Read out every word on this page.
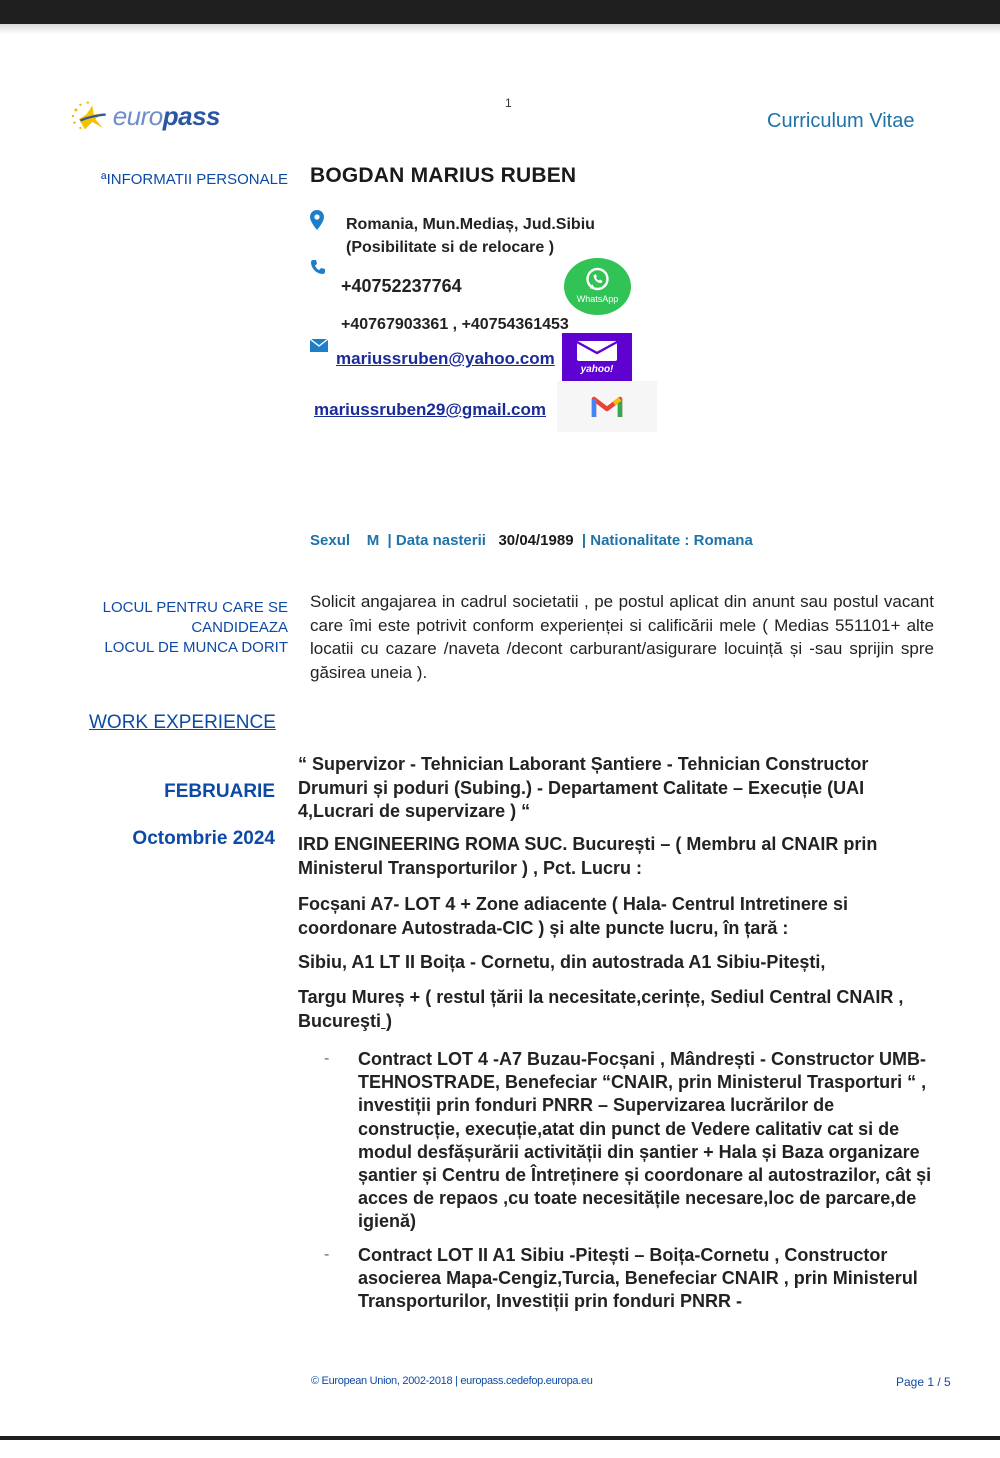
europass	1
Curriculum Vitae
ªINFORMATII PERSONALE BOGDAN MARIUS RUBEN
Romania, Mun.Mediaș, Jud.Sibiu
(Posibilitate si de relocare )
+40752237764
WhatsApp
+40767903361 , +40754361453
mariussruben@yahoo.com
yahoo!
mariussruben29@gmail.com
Sexul M | Data nasterii 30/04/1989 | Nationalitate : Romana
LOCUL PENTRU CARE SE
CANDIDEAZA
LOCUL DE MUNCA DORIT
Solicit angajarea in cadrul societatii , pe postul aplicat din anunt sau postul vacant care îmi este potrivit conform experienței si calificării mele ( Medias 551101+ alte locatii cu cazare /naveta /decont carburant/asigurare locuință și -sau sprijin spre găsirea uneia ).
WORK EXPERIENCE
FEBRUARIE
Octombrie 2024
“ Supervizor - Tehnician Laborant Șantiere - Tehnician Constructor Drumuri și poduri (Subing.) - Departament Calitate – Execuție (UAI 4,Lucrari de supervizare ) “
IRD ENGINEERING ROMA SUC. București – ( Membru al CNAIR prin Ministerul Transporturilor ) , Pct. Lucru :
Focșani A7- LOT 4 + Zone adiacente ( Hala- Centrul Intretinere si coordonare Autostrada-CIC ) și alte puncte lucru, în țară :
Sibiu, A1 LT II Boița - Cornetu, din autostrada A1 Sibiu-Pitești,
Targu Mureș + ( restul țării la necesitate,cerințe, Sediul Central CNAIR , Bucureşti )
- Contract LOT 4 -A7 Buzau-Focșani , Mândrești - Constructor UMB-TEHNOSTRADE, Benefeciar “CNAIR, prin Ministerul Trasporturi “ , investiții prin fonduri PNRR – Supervizarea lucrărilor de construcție, execuție,atat din punct de Vedere calitativ cat si de modul desfășurării activității din șantier + Hala și Baza organizare șantier și Centru de Întreținere și coordonare al autostrazilor, cât și acces de repaos ,cu toate necesitățile necesare,loc de parcare,de igienă)
- Contract LOT II A1 Sibiu -Pitești – Boița-Cornetu , Constructor asocierea Mapa-Cengiz,Turcia, Benefeciar CNAIR , prin Ministerul Transporturilor, Investiții prin fonduri PNRR -
© European Union, 2002-2018 | europass.cedefop.europa.eu	Page 1 / 5
